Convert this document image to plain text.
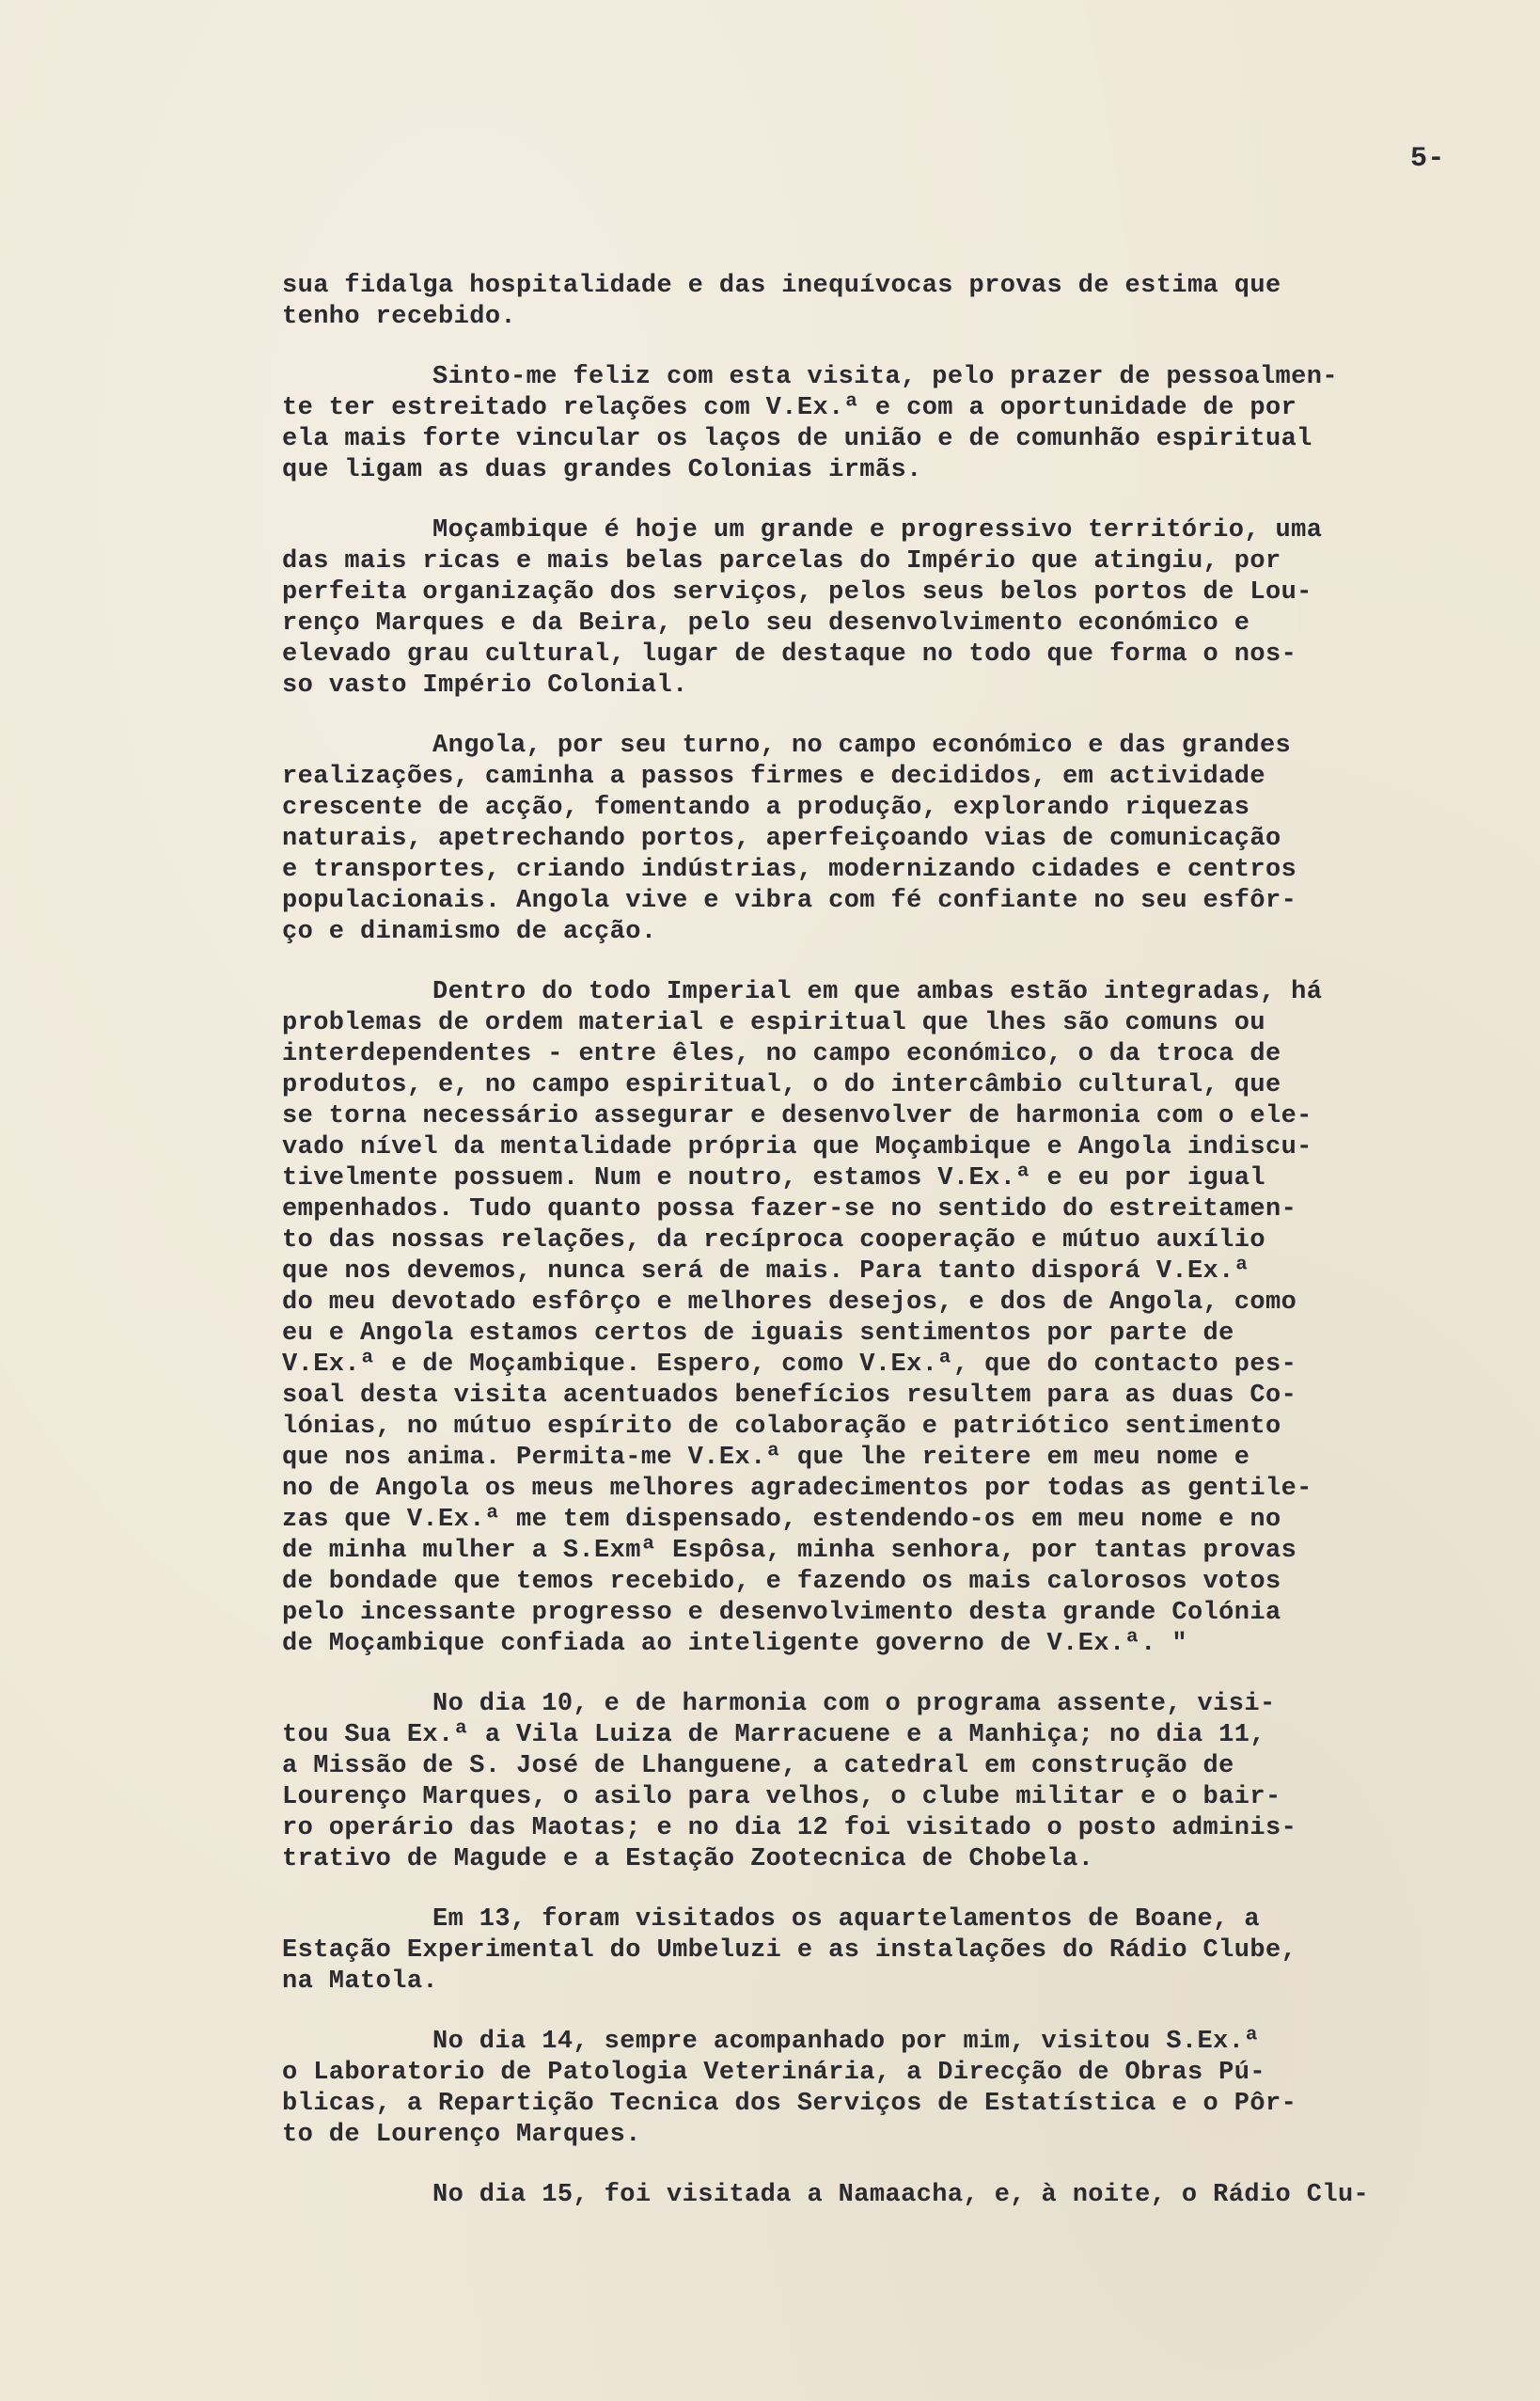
5-
sua fidalga hospitalidade e das inequívocas provas de estima que
tenho recebido.
Sinto-me feliz com esta visita, pelo prazer de pessoalmen-
te ter estreitado relações com V.Ex.ª e com a oportunidade de por
ela mais forte vincular os laços de união e de comunhão espiritual
que ligam as duas grandes Colonias irmãs.
Moçambique é hoje um grande e progressivo território, uma
das mais ricas e mais belas parcelas do Império que atingiu, por
perfeita organização dos serviços, pelos seus belos portos de Lou-
renço Marques e da Beira, pelo seu desenvolvimento económico e
elevado grau cultural, lugar de destaque no todo que forma o nos-
so vasto Império Colonial.
Angola, por seu turno, no campo económico e das grandes
realizações, caminha a passos firmes e decididos, em actividade
crescente de acção, fomentando a produção, explorando riquezas
naturais, apetrechando portos, aperfeiçoando vias de comunicação
e transportes, criando indústrias, modernizando cidades e centros
populacionais. Angola vive e vibra com fé confiante no seu esfôr-
ço e dinamismo de acção.
Dentro do todo Imperial em que ambas estão integradas, há
problemas de ordem material e espiritual que lhes são comuns ou
interdependentes - entre êles, no campo económico, o da troca de
produtos, e, no campo espiritual, o do intercâmbio cultural, que
se torna necessário assegurar e desenvolver de harmonia com o ele-
vado nível da mentalidade própria que Moçambique e Angola indiscu-
tivelmente possuem. Num e noutro, estamos V.Ex.ª e eu por igual
empenhados. Tudo quanto possa fazer-se no sentido do estreitamen-
to das nossas relações, da recíproca cooperação e mútuo auxílio
que nos devemos, nunca será de mais. Para tanto disporá V.Ex.ª
do meu devotado esfôrço e melhores desejos, e dos de Angola, como
eu e Angola estamos certos de iguais sentimentos por parte de
V.Ex.ª e de Moçambique. Espero, como V.Ex.ª, que do contacto pes-
soal desta visita acentuados benefícios resultem para as duas Co-
lónias, no mútuo espírito de colaboração e patriótico sentimento
que nos anima. Permita-me V.Ex.ª que lhe reitere em meu nome e
no de Angola os meus melhores agradecimentos por todas as gentile-
zas que V.Ex.ª me tem dispensado, estendendo-os em meu nome e no
de minha mulher a S.Exmª Espôsa, minha senhora, por tantas provas
de bondade que temos recebido, e fazendo os mais calorosos votos
pelo incessante progresso e desenvolvimento desta grande Colónia
de Moçambique confiada ao inteligente governo de V.Ex.ª. "
No dia 10, e de harmonia com o programa assente, visi-
tou Sua Ex.ª a Vila Luiza de Marracuene e a Manhiça; no dia 11,
a Missão de S. José de Lhanguene, a catedral em construção de
Lourenço Marques, o asilo para velhos, o clube militar e o bair-
ro operário das Maotas; e no dia 12 foi visitado o posto adminis-
trativo de Magude e a Estação Zootecnica de Chobela.
Em 13, foram visitados os aquartelamentos de Boane, a
Estação Experimental do Umbeluzi e as instalações do Rádio Clube,
na Matola.
No dia 14, sempre acompanhado por mim, visitou S.Ex.ª
o Laboratorio de Patologia Veterinária, a Direcção de Obras Pú-
blicas, a Repartição Tecnica dos Serviços de Estatística e o Pôr-
to de Lourenço Marques.
No dia 15, foi visitada a Namaacha, e, à noite, o Rádio Clu-
